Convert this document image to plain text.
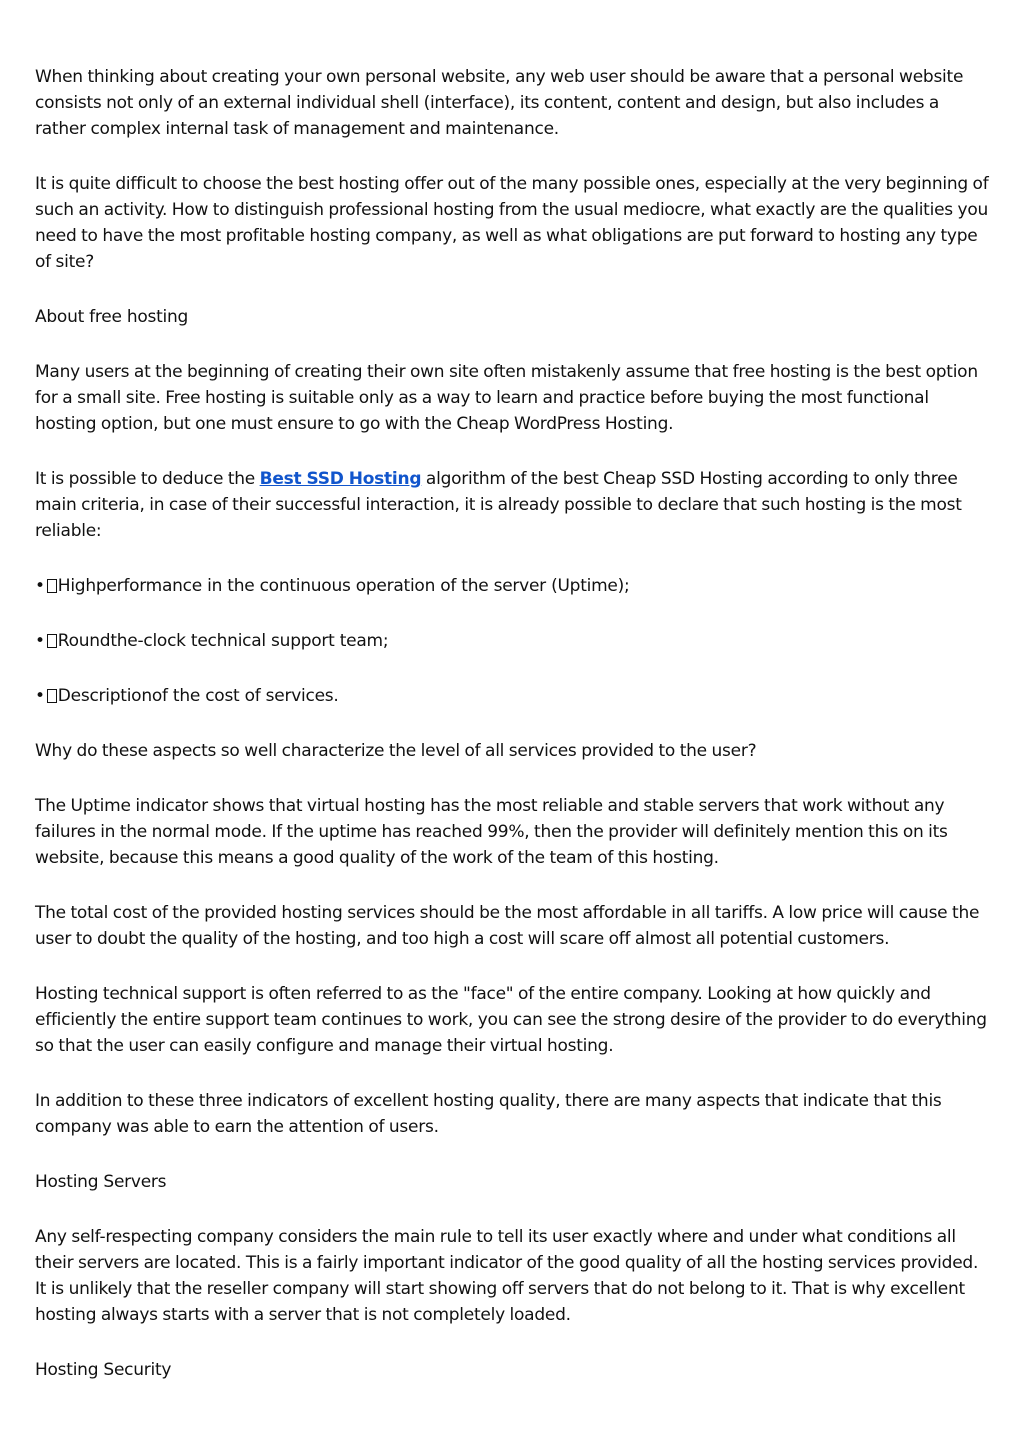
When thinking about creating your own personal website, any web user should be aware that a personal website consists not only of an external individual shell (interface), its content, content and design, but also includes a rather complex internal task of management and maintenance.

It is quite difficult to choose the best hosting offer out of the many possible ones, especially at the very beginning of such an activity. How to distinguish professional hosting from the usual mediocre, what exactly are the qualities you need to have the most profitable hosting company, as well as what obligations are put forward to hosting any type of site?

About free hosting

Many users at the beginning of creating their own site often mistakenly assume that free hosting is the best option for a small site. Free hosting is suitable only as a way to learn and practice before buying the most functional hosting option, but one must ensure to go with the Cheap WordPress Hosting.

It is possible to deduce the Best SSD Hosting algorithm of the best Cheap SSD Hosting according to only three main criteria, in case of their successful interaction, it is already possible to declare that such hosting is the most reliable:

• Highperformance in the continuous operation of the server (Uptime);

• Roundthe-clock technical support team;

• Descriptionof the cost of services.

Why do these aspects so well characterize the level of all services provided to the user?

The Uptime indicator shows that virtual hosting has the most reliable and stable servers that work without any failures in the normal mode. If the uptime has reached 99%, then the provider will definitely mention this on its website, because this means a good quality of the work of the team of this hosting.

The total cost of the provided hosting services should be the most affordable in all tariffs. A low price will cause the user to doubt the quality of the hosting, and too high a cost will scare off almost all potential customers.

Hosting technical support is often referred to as the "face" of the entire company. Looking at how quickly and efficiently the entire support team continues to work, you can see the strong desire of the provider to do everything so that the user can easily configure and manage their virtual hosting.

In addition to these three indicators of excellent hosting quality, there are many aspects that indicate that this company was able to earn the attention of users.

Hosting Servers

Any self-respecting company considers the main rule to tell its user exactly where and under what conditions all their servers are located. This is a fairly important indicator of the good quality of all the hosting services provided. It is unlikely that the reseller company will start showing off servers that do not belong to it. That is why excellent hosting always starts with a server that is not completely loaded.

Hosting Security
